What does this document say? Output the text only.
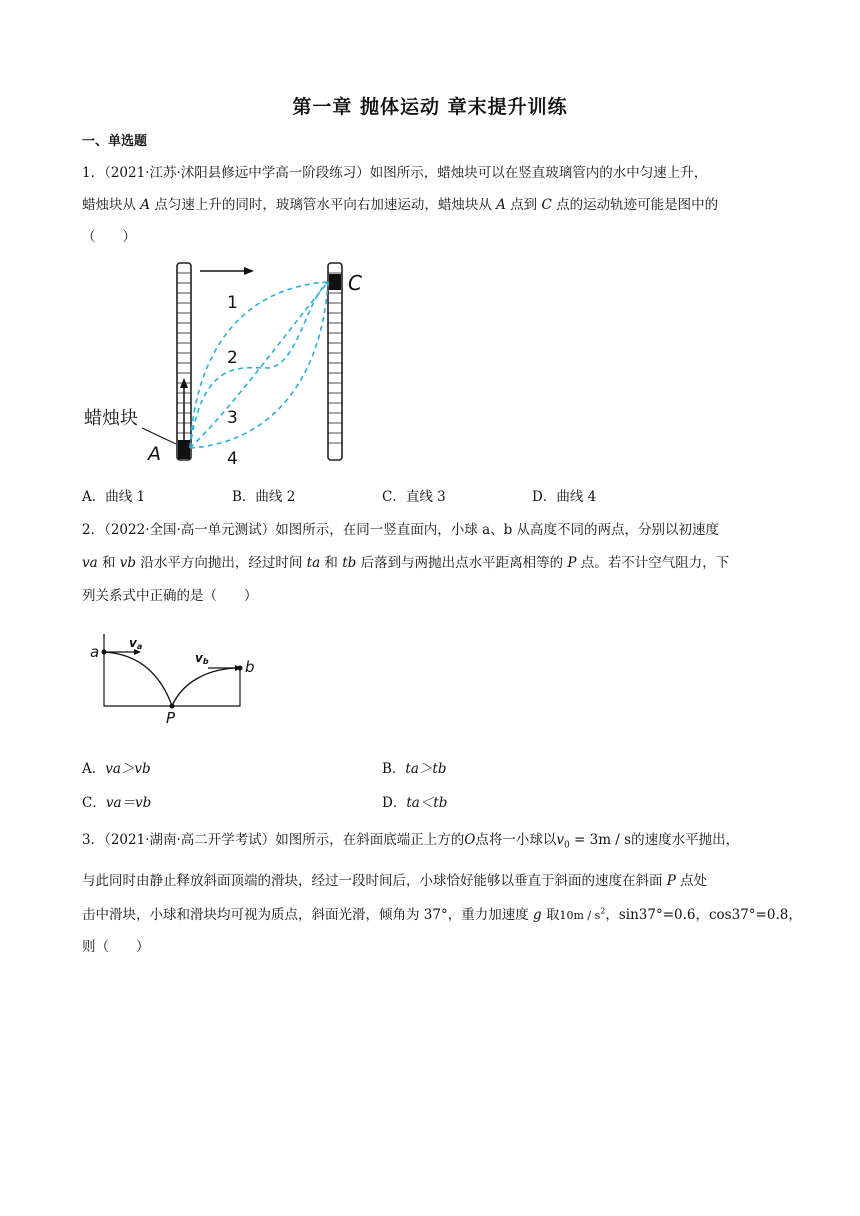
第一章 抛体运动 章末提升训练
一、单选题
1．（2021·江苏·沭阳县修远中学高一阶段练习）如图所示，蜡烛块可以在竖直玻璃管内的水中匀速上升，
蜡烛块从 A 点匀速上升的同时，玻璃管水平向右加速运动，蜡烛块从 A 点到 C 点的运动轨迹可能是图中的
（　　）
1
2
3
4
C
A
蜡烛块
A．曲线 1	B．曲线 2	C．直线 3	D．曲线 4
2．（2022·全国·高一单元测试）如图所示，在同一竖直面内，小球 a、b 从高度不同的两点，分别以初速度
va 和 vb 沿水平方向抛出，经过时间 ta 和 tb 后落到与两抛出点水平距离相等的 P 点。若不计空气阻力，下
列关系式中正确的是（　　）
a
b
P
va
vb
A．va＞vb	B．ta＞tb
C．va＝vb	D．ta＜tb
3．（2021·湖南·高二开学考试）如图所示，在斜面底端正上方的O点将一小球以$v_0 = 3m / s$的速度水平抛出，
与此同时由静止释放斜面顶端的滑块，经过一段时间后，小球恰好能够以垂直于斜面的速度在斜面 P 点处
击中滑块，小球和滑块均可视为质点，斜面光滑，倾角为 37°，重力加速度 g 取$10m / s^2$，sin37°=0.6，cos37°=0.8，
则（　　）
